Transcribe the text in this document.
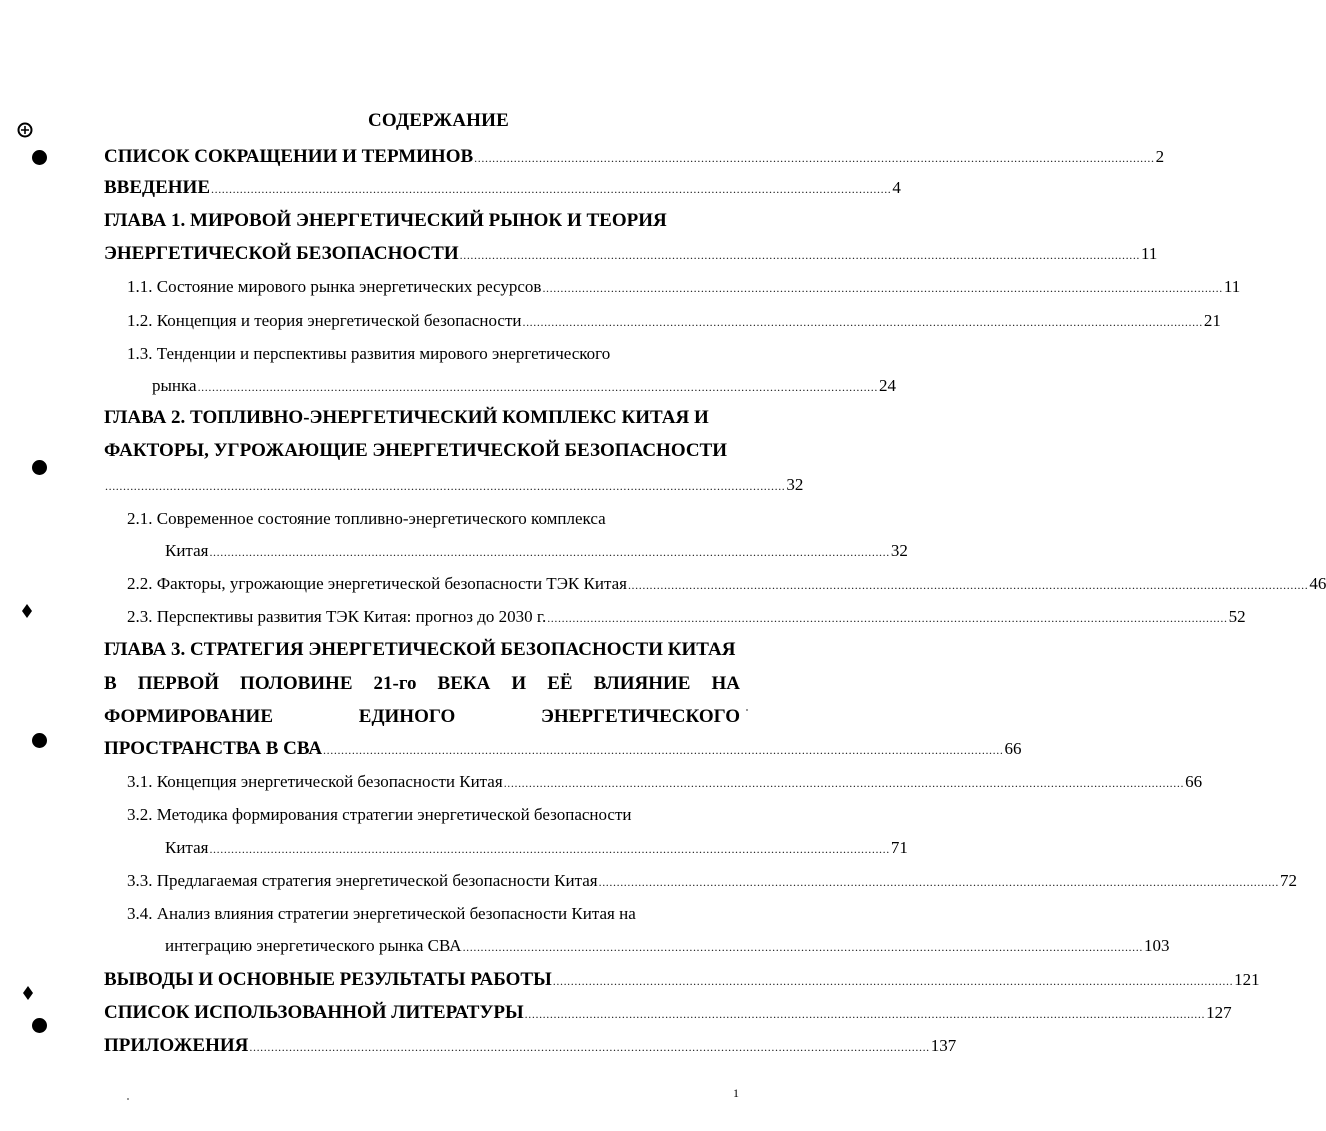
СОДЕРЖАНИЕ
СПИСОК СОКРАЩЕНИИ И ТЕРМИНОВ ............................................................................................................................................................................................. 2
ВВЕДЕНИЕ ............................................................................................................................................................................................. 4
ГЛАВА 1. МИРОВОЙ ЭНЕРГЕТИЧЕСКИЙ РЫНОК И ТЕОРИЯ
ЭНЕРГЕТИЧЕСКОЙ БЕЗОПАСНОСТИ ............................................................................................................................................................................................. 11
1.1. Состояние мирового рынка энергетических ресурсов ............................................................................................................................................................................................. 11
1.2. Концепция и теория энергетической безопасности ............................................................................................................................................................................................. 21
1.3. Тенденции и перспективы развития мирового энергетического
рынка ............................................................................................................................................................................................. 24
ГЛАВА 2. ТОПЛИВНО-ЭНЕРГЕТИЧЕСКИЙ КОМПЛЕКС КИТАЯ И
ФАКТОРЫ, УГРОЖАЮЩИЕ ЭНЕРГЕТИЧЕСКОЙ БЕЗОПАСНОСТИ
............................................................................................................................................................................................. 32
2.1. Современное состояние топливно-энергетического комплекса
Китая ............................................................................................................................................................................................. 32
2.2. Факторы, угрожающие энергетической безопасности ТЭК Китая ............................................................................................................................................................................................. 46
2.3. Перспективы развития ТЭК Китая: прогноз до 2030 г. ............................................................................................................................................................................................. 52
ГЛАВА 3. СТРАТЕГИЯ ЭНЕРГЕТИЧЕСКОЙ БЕЗОПАСНОСТИ КИТАЯ
В ПЕРВОЙ ПОЛОВИНЕ 21-го ВЕКА И ЕЁ ВЛИЯНИЕ НА
ФОРМИРОВАНИЕ	ЕДИНОГО	ЭНЕРГЕТИЧЕСКОГО
ПРОСТРАНСТВА В СВА ............................................................................................................................................................................................. 66
3.1. Концепция энергетической безопасности Китая ............................................................................................................................................................................................. 66
3.2. Методика формирования стратегии энергетической безопасности
Китая ............................................................................................................................................................................................. 71
3.3. Предлагаемая стратегия энергетической безопасности Китая ............................................................................................................................................................................................. 72
3.4. Анализ влияния стратегии энергетической безопасности Китая на
интеграцию энергетического рынка СВА ............................................................................................................................................................................................. 103
ВЫВОДЫ И ОСНОВНЫЕ РЕЗУЛЬТАТЫ РАБОТЫ ............................................................................................................................................................................................. 121
СПИСОК ИСПОЛЬЗОВАННОЙ ЛИТЕРАТУРЫ ............................................................................................................................................................................................. 127
ПРИЛОЖЕНИЯ ............................................................................................................................................................................................. 137
1
